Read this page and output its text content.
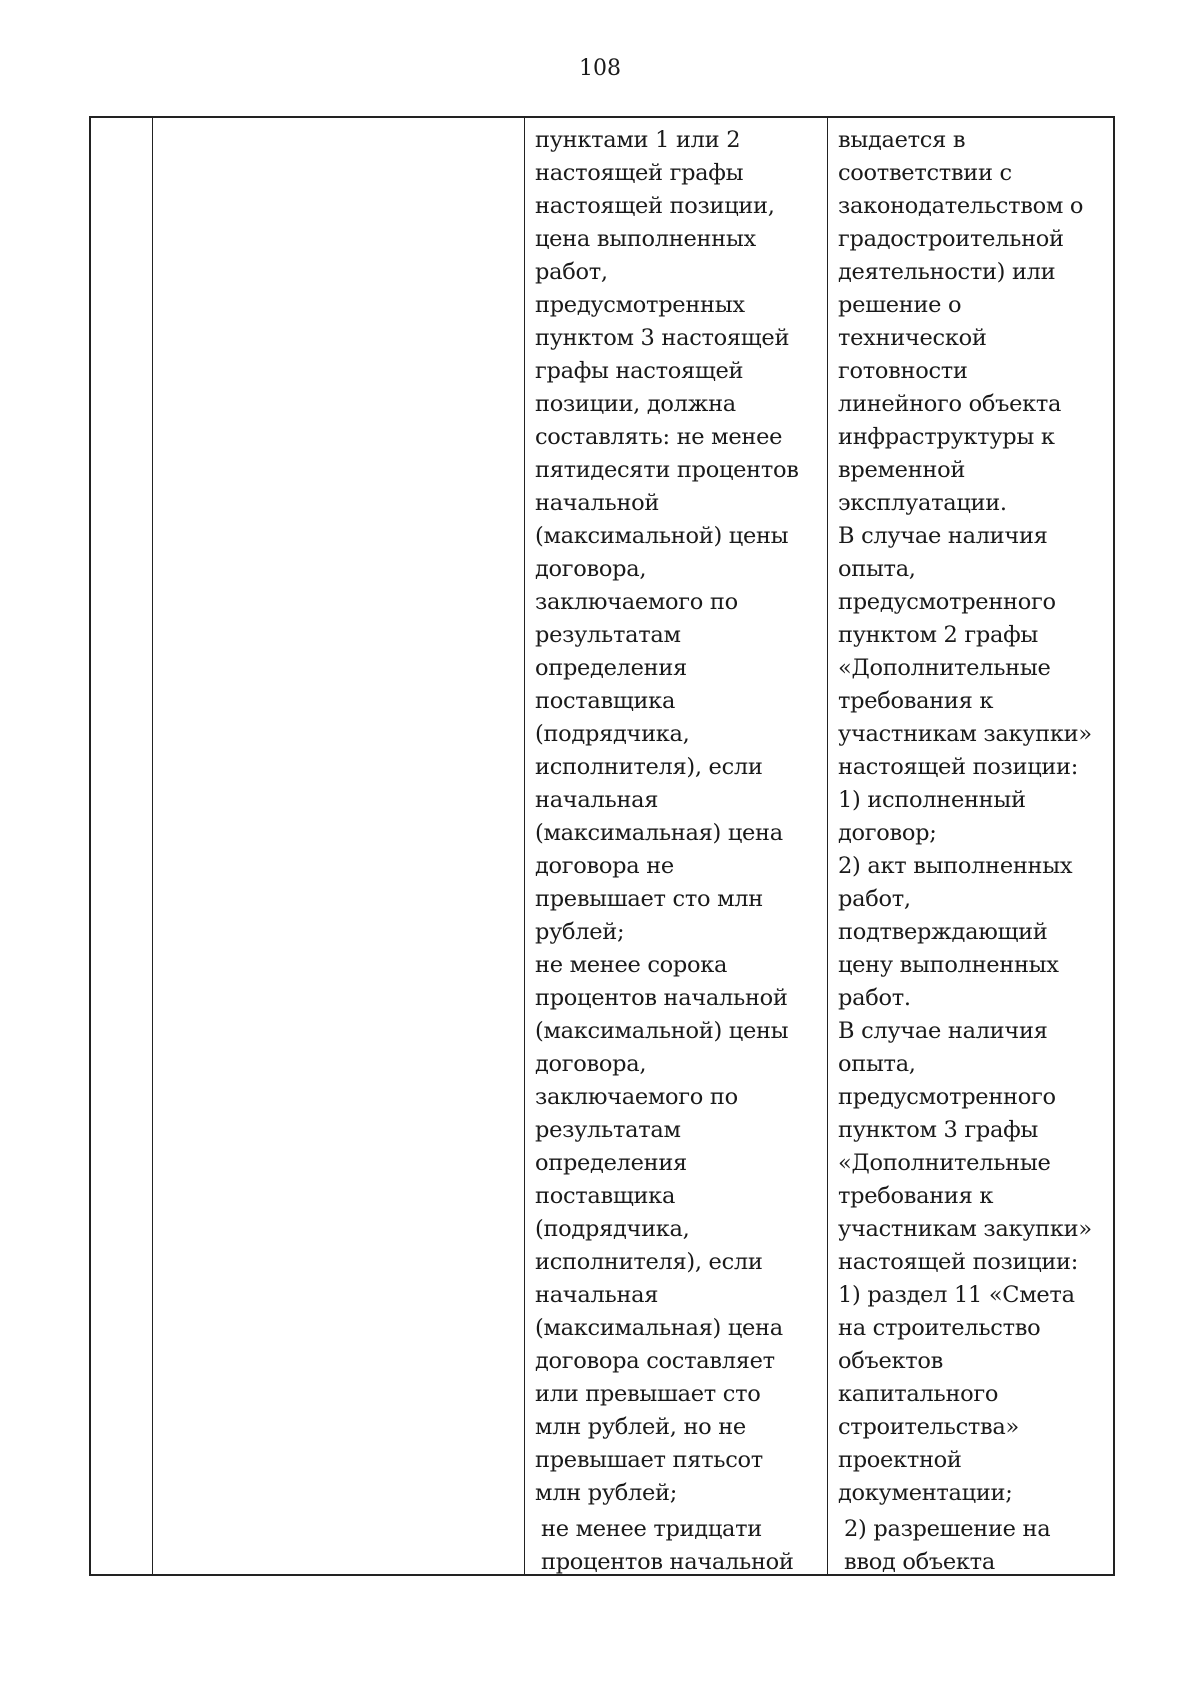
108
пунктами 1 или 2
настоящей графы
настоящей позиции,
цена выполненных
работ,
предусмотренных
пунктом 3 настоящей
графы настоящей
позиции, должна
составлять: не менее
пятидесяти процентов
начальной
(максимальной) цены
договора,
заключаемого по
результатам
определения
поставщика
(подрядчика,
исполнителя), если
начальная
(максимальная) цена
договора не
превышает сто млн
рублей;
не менее сорока
процентов начальной
(максимальной) цены
договора,
заключаемого по
результатам
определения
поставщика
(подрядчика,
исполнителя), если
начальная
(максимальная) цена
договора составляет
или превышает сто
млн рублей, но не
превышает пятьсот
млн рублей;
не менее тридцати
процентов начальной
выдается в
соответствии с
законодательством о
градостроительной
деятельности) или
решение о
технической
готовности
линейного объекта
инфраструктуры к
временной
эксплуатации.
В случае наличия
опыта,
предусмотренного
пунктом 2 графы
«Дополнительные
требования к
участникам закупки»
настоящей позиции:
1) исполненный
договор;
2) акт выполненных
работ,
подтверждающий
цену выполненных
работ.
В случае наличия
опыта,
предусмотренного
пунктом 3 графы
«Дополнительные
требования к
участникам закупки»
настоящей позиции:
1) раздел 11 «Смета
на строительство
объектов
капитального
строительства»
проектной
документации;
2) разрешение на
ввод объекта
